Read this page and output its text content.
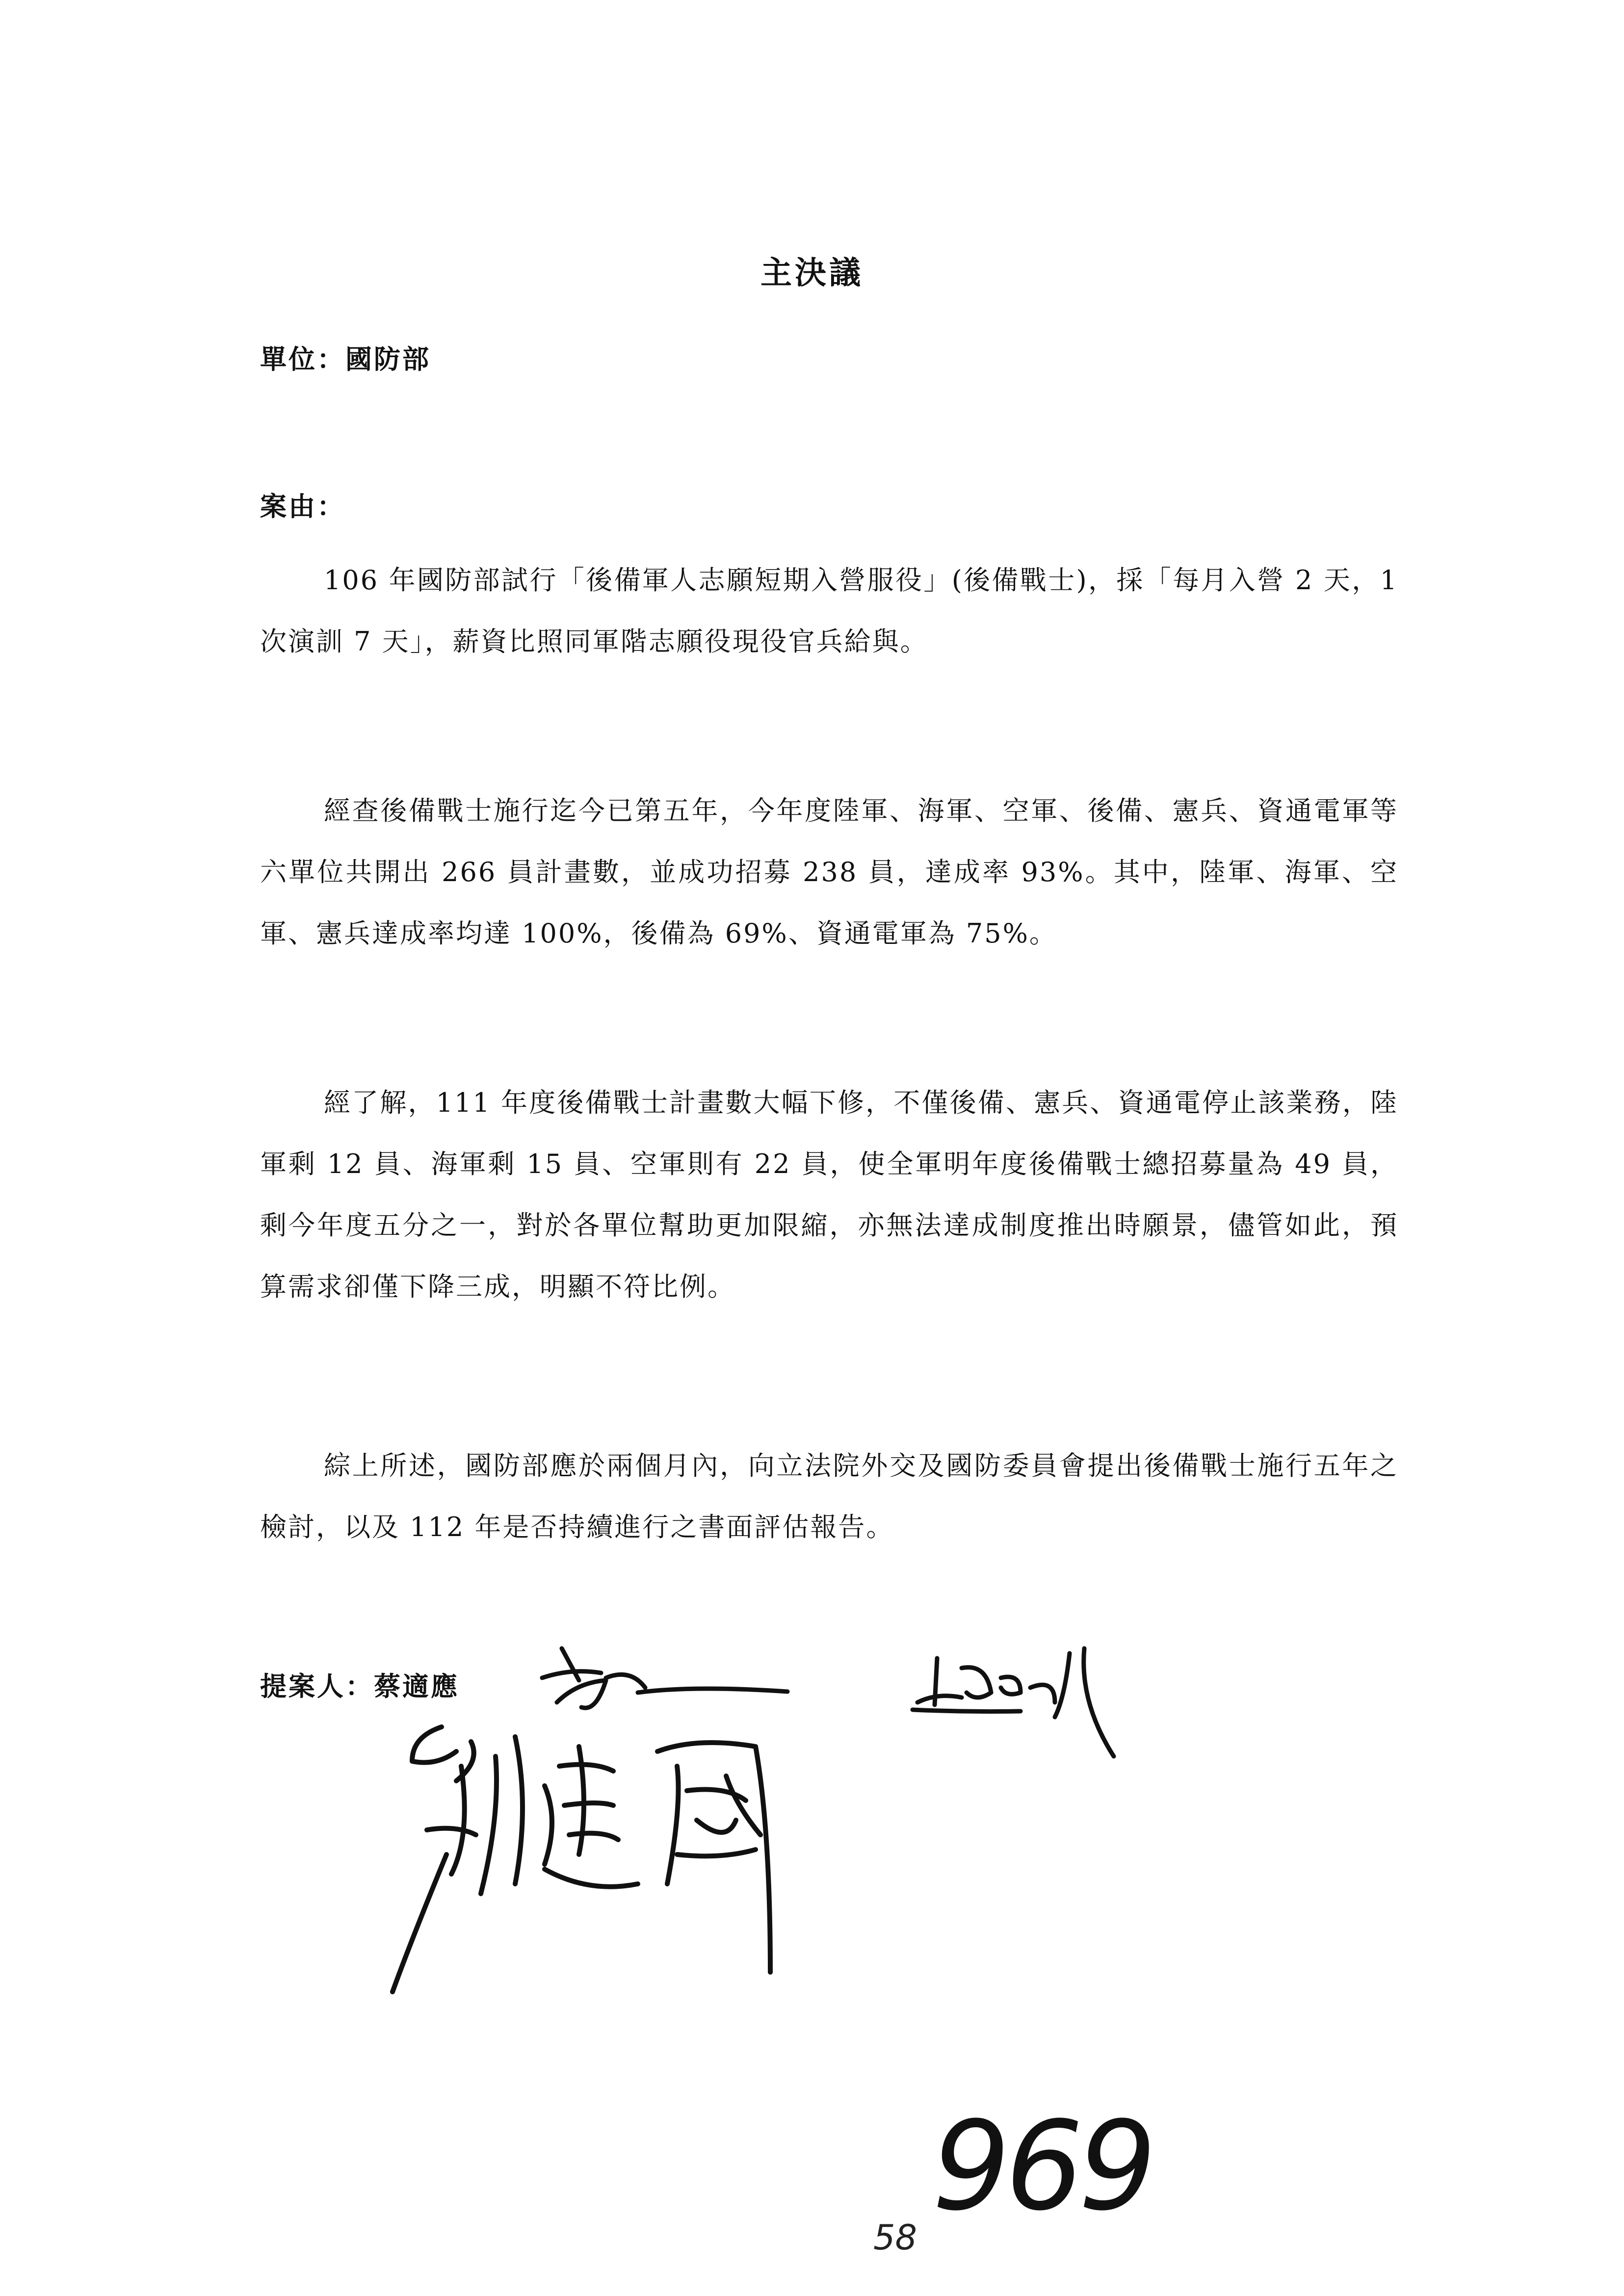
主決議
單位：國防部
案由：

106 年國防部試行「後備軍人志願短期入營服役」(後備戰士)，採「每月入營 2 天，1 次演訓 7 天」，薪資比照同軍階志願役現役官兵給與。

經查後備戰士施行迄今已第五年，今年度陸軍、海軍、空軍、後備、憲兵、資通電軍等六單位共開出 266 員計畫數，並成功招募 238 員，達成率 93%。其中，陸軍、海軍、空軍、憲兵達成率均達 100%，後備為 69%、資通電軍為 75%。

經了解，111 年度後備戰士計畫數大幅下修，不僅後備、憲兵、資通電停止該業務，陸軍剩 12 員、海軍剩 15 員、空軍則有 22 員，使全軍明年度後備戰士總招募量為 49 員，剩今年度五分之一，對於各單位幫助更加限縮，亦無法達成制度推出時願景，儘管如此，預算需求卻僅下降三成，明顯不符比例。

綜上所述，國防部應於兩個月內，向立法院外交及國防委員會提出後備戰士施行五年之檢討，以及 112 年是否持續進行之書面評估報告。

提案人：蔡適應
969
58
